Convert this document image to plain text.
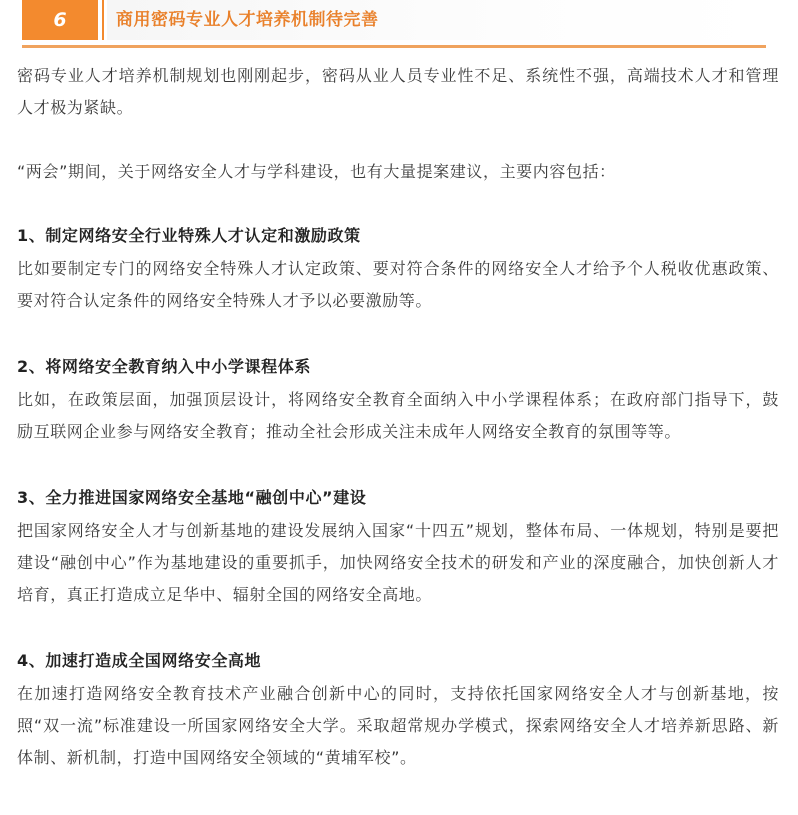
6	商用密码专业人才培养机制待完善

密码专业人才培养机制规划也刚刚起步，密码从业人员专业性不足、系统性不强，高端技术人才和管理人才极为紧缺。

“两会”期间，关于网络安全人才与学科建设，也有大量提案建议，主要内容包括：

1、制定网络安全行业特殊人才认定和激励政策

比如要制定专门的网络安全特殊人才认定政策、要对符合条件的网络安全人才给予个人税收优惠政策、要对符合认定条件的网络安全特殊人才予以必要激励等。

2、将网络安全教育纳入中小学课程体系

比如，在政策层面，加强顶层设计，将网络安全教育全面纳入中小学课程体系；在政府部门指导下，鼓励互联网企业参与网络安全教育；推动全社会形成关注未成年人网络安全教育的氛围等等。

3、全力推进国家网络安全基地“融创中心”建设

把国家网络安全人才与创新基地的建设发展纳入国家“十四五”规划，整体布局、一体规划，特别是要把建设“融创中心”作为基地建设的重要抓手，加快网络安全技术的研发和产业的深度融合，加快创新人才培育，真正打造成立足华中、辐射全国的网络安全高地。

4、加速打造成全国网络安全高地

在加速打造网络安全教育技术产业融合创新中心的同时，支持依托国家网络安全人才与创新基地，按照“双一流”标准建设一所国家网络安全大学。采取超常规办学模式，探索网络安全人才培养新思路、新体制、新机制，打造中国网络安全领域的“黄埔军校”。
